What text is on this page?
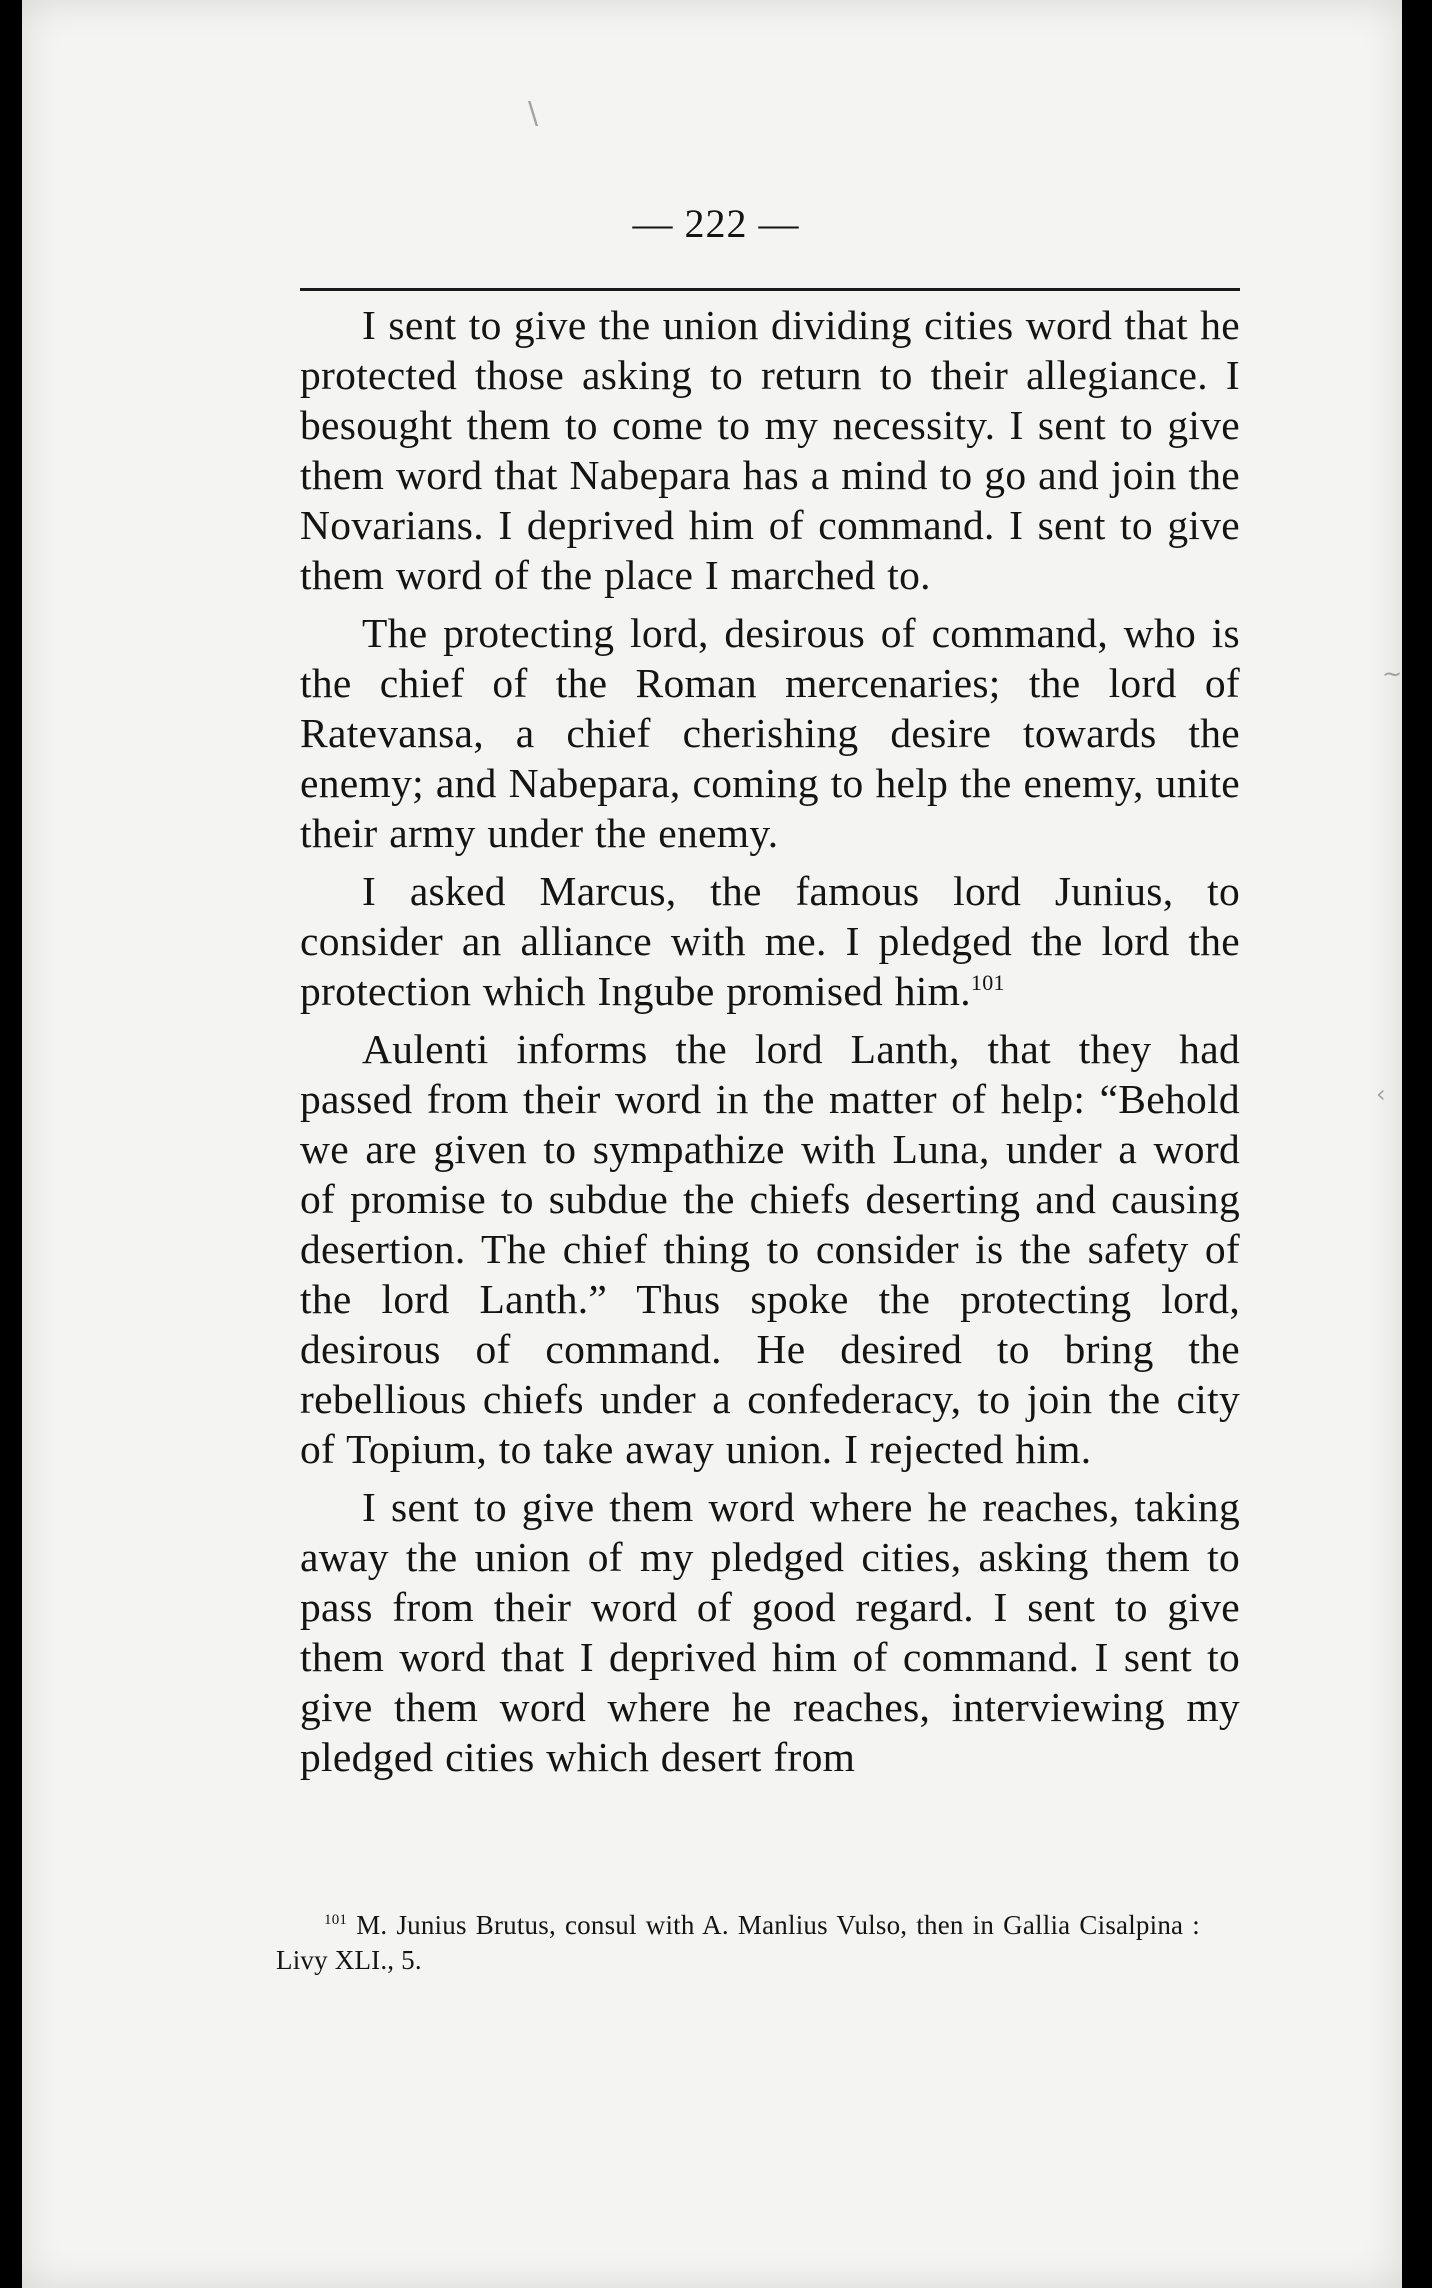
\
~
‹
— 222 —

I sent to give the union dividing cities word that he protected those asking to return to their allegiance. I besought them to come to my necessity. I sent to give them word that Nabepara has a mind to go and join the Novarians. I deprived him of command. I sent to give them word of the place I marched to.

The protecting lord, desirous of command, who is the chief of the Roman mercenaries; the lord of Ratevansa, a chief cherishing desire towards the enemy; and Nabepara, coming to help the enemy, unite their army under the enemy.

I asked Marcus, the famous lord Junius, to consider an alliance with me. I pledged the lord the protection which Ingube promised him.$^{101}$

Aulenti informs the lord Lanth, that they had passed from their word in the matter of help: “Behold we are given to sympathize with Luna, under a word of promise to subdue the chiefs deserting and causing desertion. The chief thing to consider is the safety of the lord Lanth.” Thus spoke the protecting lord, desirous of command. He desired to bring the rebellious chiefs under a confederacy, to join the city of Topium, to take away union. I rejected him.

I sent to give them word where he reaches, taking away the union of my pledged cities, asking them to pass from their word of good regard. I sent to give them word that I deprived him of command. I sent to give them word where he reaches, interviewing my pledged cities which desert from

$^{101}$ M. Junius Brutus, consul with A. Manlius Vulso, then in Gallia Cisalpina : Livy XLI., 5.
